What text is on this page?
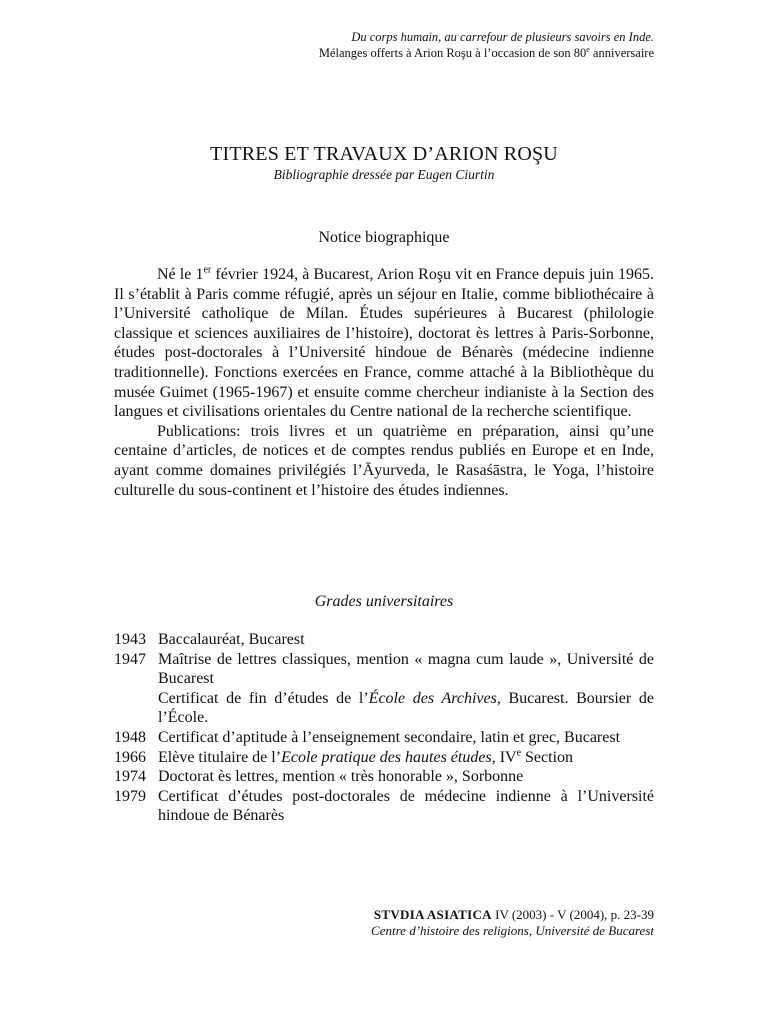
Du corps humain, au carrefour de plusieurs savoirs en Inde.
Mélanges offerts à Arion Roşu à l’occasion de son 80e anniversaire
TITRES ET TRAVAUX D’ARION ROŞU
Bibliographie dressée par Eugen Ciurtin
Notice biographique

Né le 1er février 1924, à Bucarest, Arion Roşu vit en France depuis juin 1965. Il s’établit à Paris comme réfugié, après un séjour en Italie, comme bibliothécaire à l’Université catholique de Milan. Études supérieures à Bucarest (philologie classique et sciences auxiliaires de l’histoire), doctorat ès lettres à Paris-Sorbonne, études post-doctorales à l’Université hindoue de Bénarès (médecine indienne traditionnelle). Fonctions exercées en France, comme attaché à la Bibliothèque du musée Guimet (1965-1967) et ensuite comme chercheur indianiste à la Section des langues et civilisations orientales du Centre national de la recherche scientifique.

Publications: trois livres et un quatrième en préparation, ainsi qu’une centaine d’articles, de notices et de comptes rendus publiés en Europe et en Inde, ayant comme domaines privilégiés l’Āyurveda, le Rasaśāstra, le Yoga, l’histoire culturelle du sous-continent et l’histoire des études indiennes.

Grades universitaires
1943 Baccalauréat, Bucarest
1947 Maîtrise de lettres classiques, mention « magna cum laude », Université de Bucarest
Certificat de fin d’études de l’École des Archives, Bucarest. Boursier de l’École.
1948 Certificat d’aptitude à l’enseignement secondaire, latin et grec, Bucarest
1966 Elève titulaire de l’Ecole pratique des hautes études, IVe Section
1974 Doctorat ès lettres, mention « très honorable », Sorbonne
1979 Certificat d’études post-doctorales de médecine indienne à l’Université hindoue de Bénarès
STVDIA ASIATICA IV (2003) - V (2004), p. 23-39
Centre d’histoire des religions, Université de Bucarest
